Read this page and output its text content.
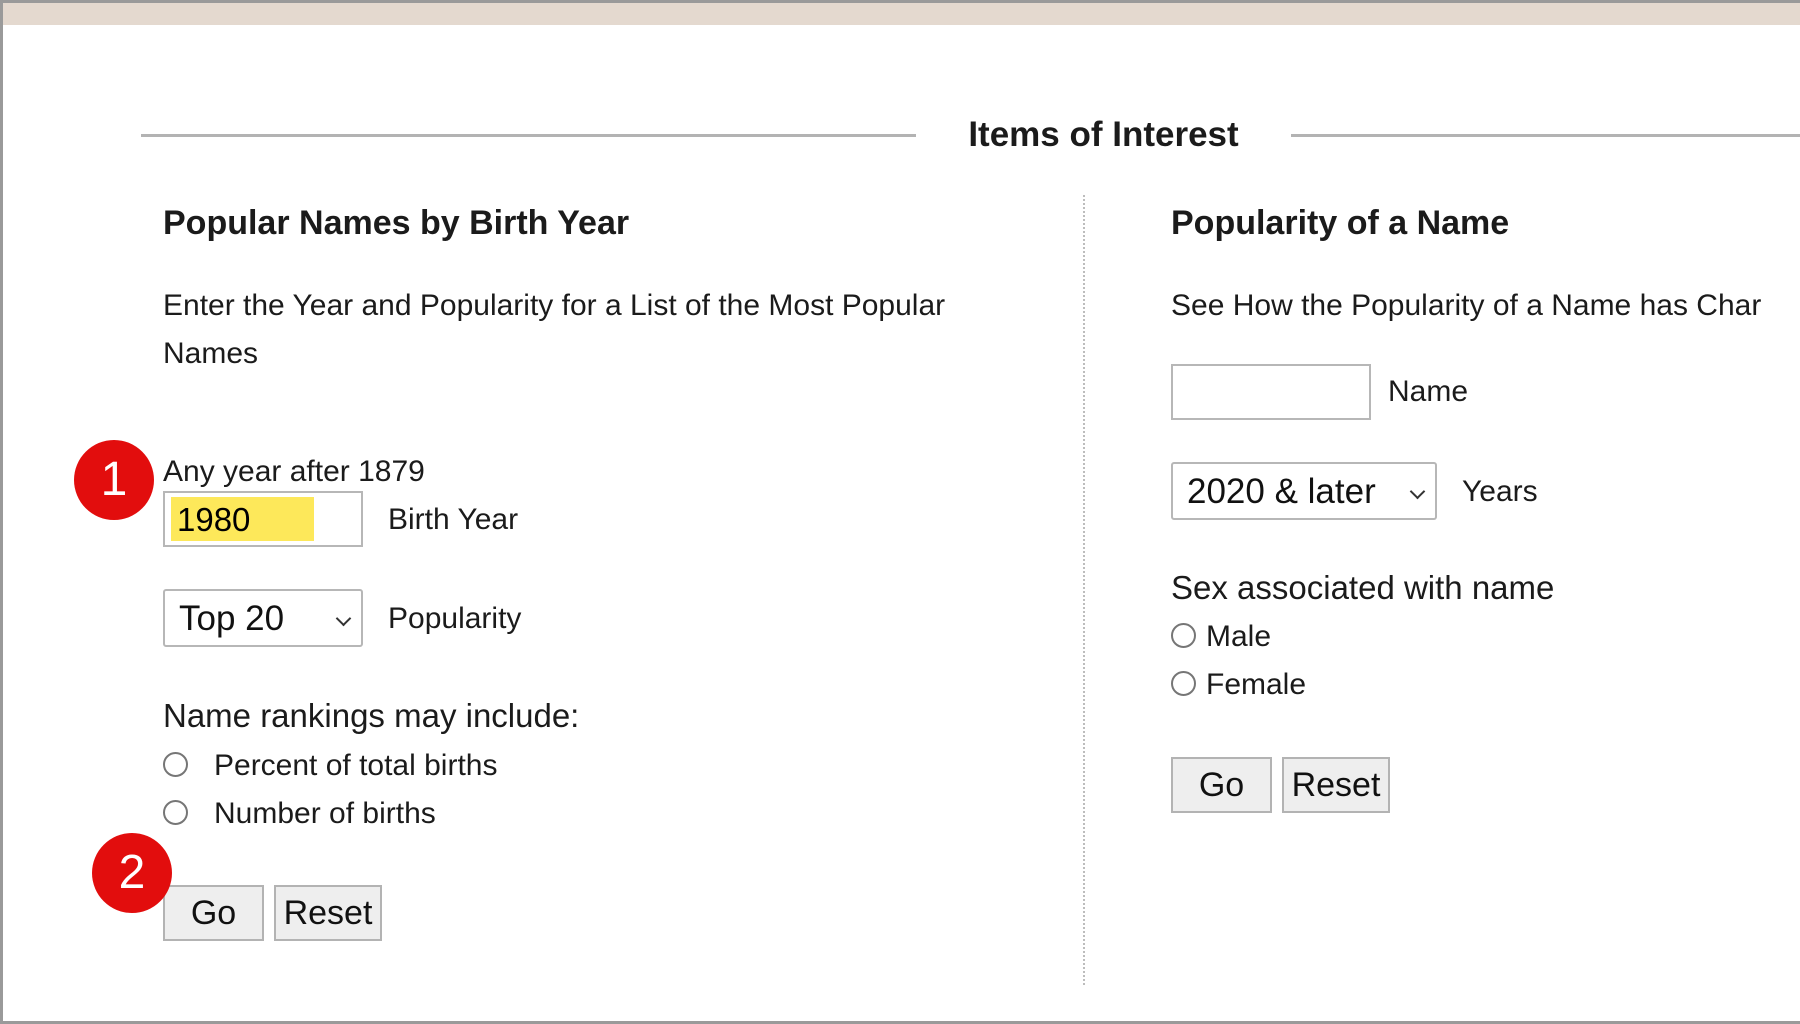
Items of Interest
Popular Names by Birth Year
Enter the Year and Popularity for a List of the Most Popular Names
Any year after 1879
1980	Birth Year
Top 20	Popularity
Name rankings may include:
Percent of total births
Number of births
Go	Reset
Popularity of a Name
See How the Popularity of a Name has Char
Name
2020 & later	Years
Sex associated with name
Male
Female
Go	Reset
1
2
